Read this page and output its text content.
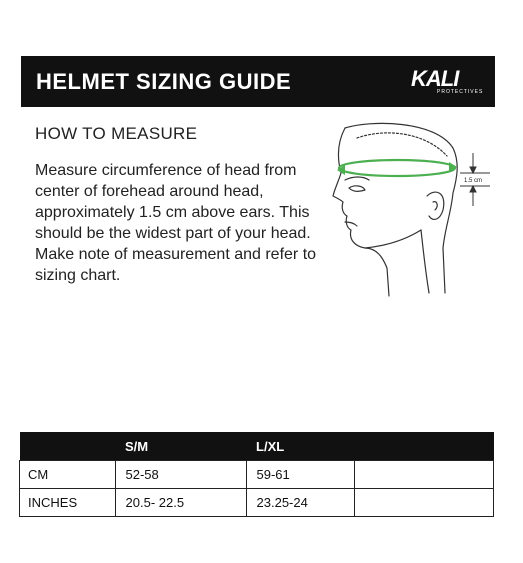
HELMET SIZING GUIDE	KALI
PROTECTIVES
HOW TO MEASURE
Measure circumference of head from center of forehead around head, approximately 1.5 cm above ears. This should be the widest part of your head. Make note of measurement and refer to sizing chart.
1.5 cm
	S/M	L/XL	
CM	52-58	59-61	
INCHES	20.5- 22.5	23.25-24	
